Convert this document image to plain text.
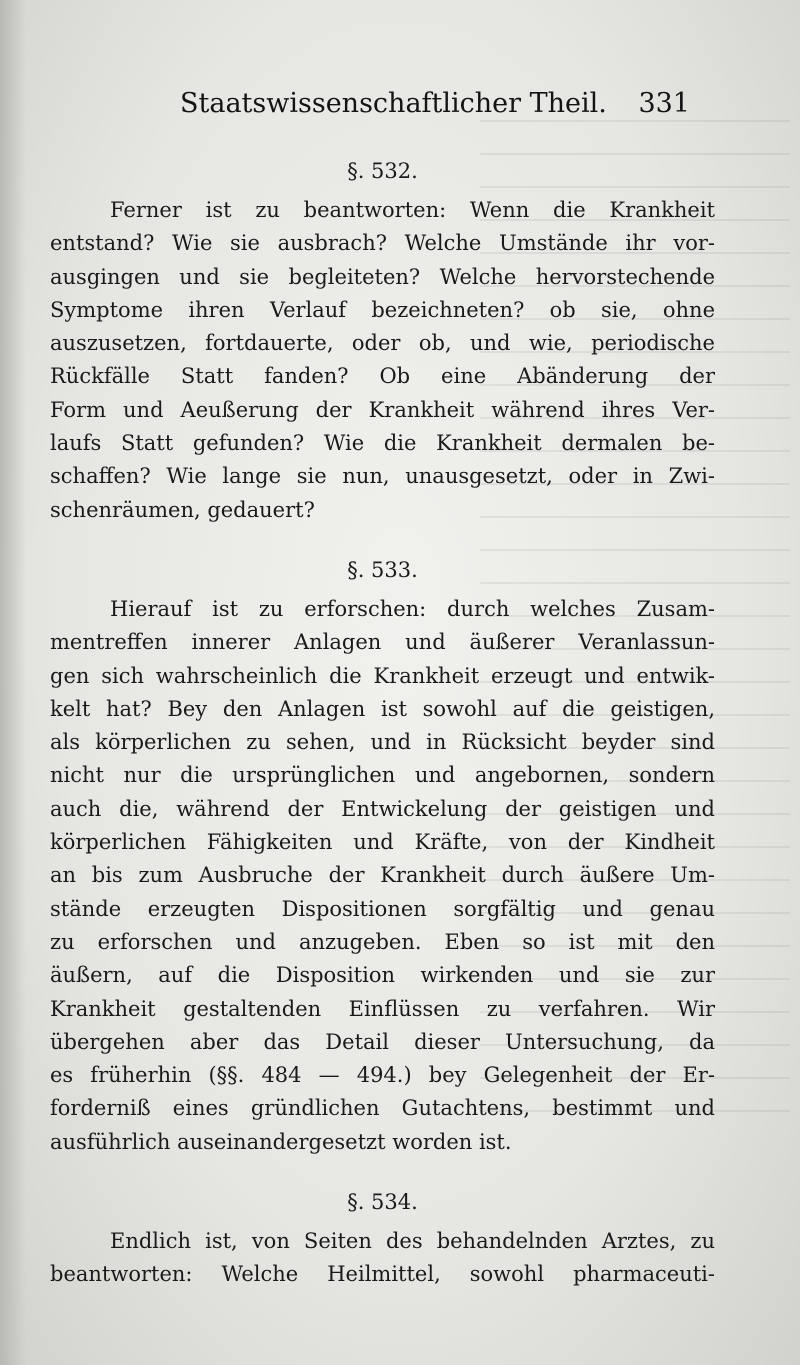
Staatswissenschaftlicher Theil. 331
§. 532.
Ferner ist zu beantworten: Wenn die Krankheit
entstand? Wie sie ausbrach? Welche Umstände ihr vor-
ausgingen und sie begleiteten? Welche hervorstechende
Symptome ihren Verlauf bezeichneten? ob sie, ohne
auszusetzen, fortdauerte, oder ob, und wie, periodische
Rückfälle Statt fanden? Ob eine Abänderung der
Form und Aeußerung der Krankheit während ihres Ver-
laufs Statt gefunden? Wie die Krankheit dermalen be-
schaffen? Wie lange sie nun, unausgesetzt, oder in Zwi-
schenräumen, gedauert?
§. 533.
Hierauf ist zu erforschen: durch welches Zusam-
mentreffen innerer Anlagen und äußerer Veranlassun-
gen sich wahrscheinlich die Krankheit erzeugt und entwik-
kelt hat? Bey den Anlagen ist sowohl auf die geistigen,
als körperlichen zu sehen, und in Rücksicht beyder sind
nicht nur die ursprünglichen und angebornen, sondern
auch die, während der Entwickelung der geistigen und
körperlichen Fähigkeiten und Kräfte, von der Kindheit
an bis zum Ausbruche der Krankheit durch äußere Um-
stände erzeugten Dispositionen sorgfältig und genau
zu erforschen und anzugeben. Eben so ist mit den
äußern, auf die Disposition wirkenden und sie zur
Krankheit gestaltenden Einflüssen zu verfahren. Wir
übergehen aber das Detail dieser Untersuchung, da
es früherhin (§§. 484 — 494.) bey Gelegenheit der Er-
forderniß eines gründlichen Gutachtens, bestimmt und
ausführlich auseinandergesetzt worden ist.
§. 534.
Endlich ist, von Seiten des behandelnden Arztes, zu
beantworten: Welche Heilmittel, sowohl pharmaceuti-
